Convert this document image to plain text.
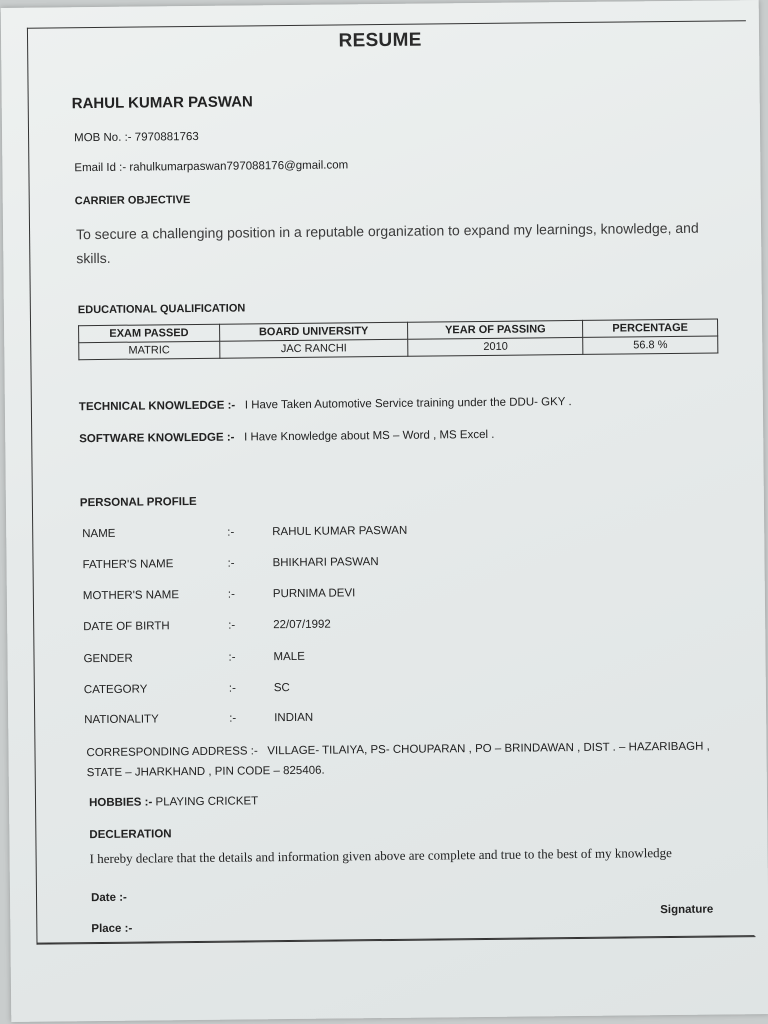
RESUME
RAHUL KUMAR PASWAN
MOB No. :- 7970881763
Email Id :- rahulkumarpaswan797088176@gmail.com
CARRIER OBJECTIVE
To secure a challenging position in a reputable organization to expand my learnings, knowledge, and skills.
EDUCATIONAL QUALIFICATION
EXAM PASSED	BOARD UNIVERSITY	YEAR OF PASSING	PERCENTAGE
MATRIC	JAC RANCHI	2010	56.8 %
TECHNICAL KNOWLEDGE :- I Have Taken Automotive Service training under the DDU- GKY .
SOFTWARE KNOWLEDGE :- I Have Knowledge about MS – Word , MS Excel .
PERSONAL PROFILE
NAME	:-	RAHUL KUMAR PASWAN
FATHER'S NAME	:-	BHIKHARI PASWAN
MOTHER'S NAME	:-	PURNIMA DEVI
DATE OF BIRTH	:-	22/07/1992
GENDER	:-	MALE
CATEGORY	:-	SC
NATIONALITY	:-	INDIAN
CORRESPONDING ADDRESS :- VILLAGE- TILAIYA, PS- CHOUPARAN , PO – BRINDAWAN , DIST . – HAZARIBAGH ,
STATE – JHARKHAND , PIN CODE – 825406.
HOBBIES :- PLAYING CRICKET
DECLERATION
I hereby declare that the details and information given above are complete and true to the best of my knowledge
Date :-
Place :-
Signature
